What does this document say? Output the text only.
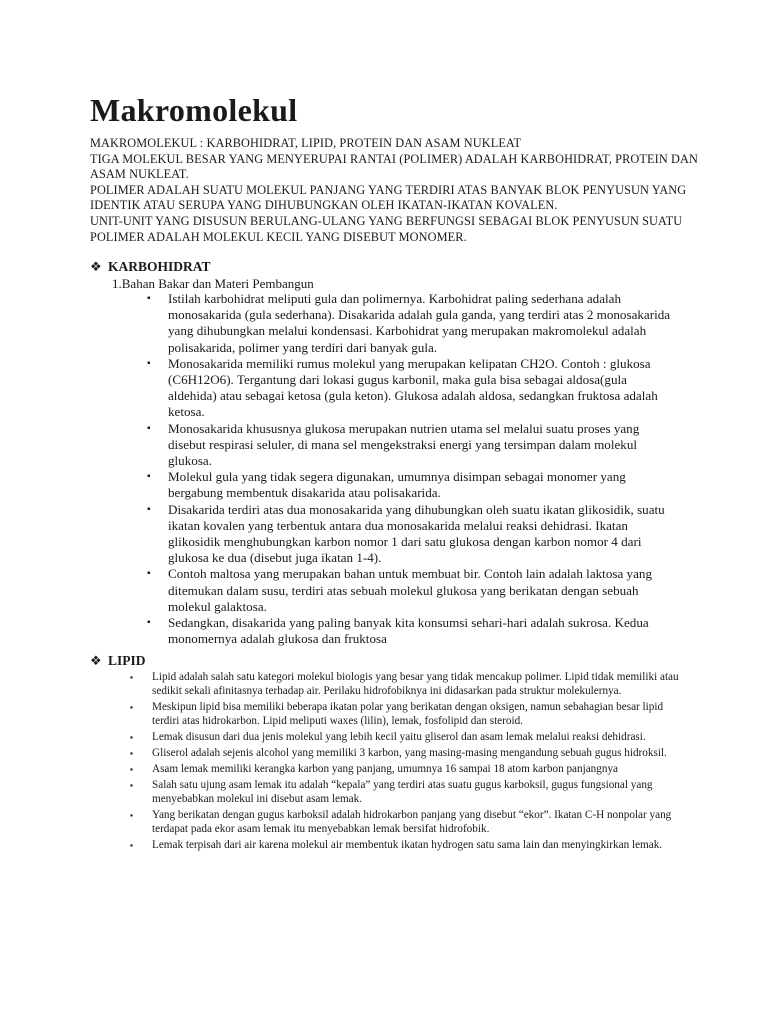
Makromolekul

MAKROMOLEKUL : KARBOHIDRAT, LIPID, PROTEIN DAN ASAM NUKLEAT

TIGA MOLEKUL BESAR YANG MENYERUPAI RANTAI (POLIMER) ADALAH KARBOHIDRAT, PROTEIN DAN ASAM NUKLEAT.

POLIMER ADALAH SUATU MOLEKUL PANJANG YANG TERDIRI ATAS BANYAK BLOK PENYUSUN YANG IDENTIK ATAU SERUPA YANG DIHUBUNGKAN OLEH IKATAN-IKATAN KOVALEN.

UNIT-UNIT YANG DISUSUN BERULANG-ULANG YANG BERFUNGSI SEBAGAI BLOK PENYUSUN SUATU POLIMER ADALAH MOLEKUL KECIL YANG DISEBUT MONOMER.

❖ KARBOHIDRAT

1.Bahan Bakar dan Materi Pembangun

▪ Istilah karbohidrat meliputi gula dan polimernya. Karbohidrat paling sederhana adalah monosakarida (gula sederhana). Disakarida adalah gula ganda, yang terdiri atas 2 monosakarida yang dihubungkan melalui kondensasi. Karbohidrat yang merupakan makromolekul adalah polisakarida, polimer yang terdiri dari banyak gula.
▪ Monosakarida memiliki rumus molekul yang merupakan kelipatan CH2O. Contoh : glukosa (C6H12O6). Tergantung dari lokasi gugus karbonil, maka gula bisa sebagai aldosa(gula aldehida) atau sebagai ketosa (gula keton). Glukosa adalah aldosa, sedangkan fruktosa adalah ketosa.
▪ Monosakarida khususnya glukosa merupakan nutrien utama sel melalui suatu proses yang disebut respirasi seluler, di mana sel mengekstraksi energi yang tersimpan dalam molekul glukosa.
▪ Molekul gula yang tidak segera digunakan, umumnya disimpan sebagai monomer yang bergabung membentuk disakarida atau polisakarida.
▪ Disakarida terdiri atas dua monosakarida yang dihubungkan oleh suatu ikatan glikosidik, suatu ikatan kovalen yang terbentuk antara dua monosakarida melalui reaksi dehidrasi. Ikatan glikosidik menghubungkan karbon nomor 1 dari satu glukosa dengan karbon nomor 4 dari glukosa ke dua (disebut juga ikatan 1-4).
▪ Contoh maltosa yang merupakan bahan untuk membuat bir. Contoh lain adalah laktosa yang ditemukan dalam susu, terdiri atas sebuah molekul glukosa yang berikatan dengan sebuah molekul galaktosa.
▪ Sedangkan, disakarida yang paling banyak kita konsumsi sehari-hari adalah sukrosa. Kedua monomernya adalah glukosa dan fruktosa
❖ LIPID
▪ Lipid adalah salah satu kategori molekul biologis yang besar yang tidak mencakup polimer. Lipid tidak memiliki atau sedikit sekali afinitasnya terhadap air. Perilaku hidrofobiknya ini didasarkan pada struktur molekulernya.
▪ Meskipun lipid bisa memiliki beberapa ikatan polar yang berikatan dengan oksigen, namun sebahagian besar lipid terdiri atas hidrokarbon. Lipid meliputi waxes (lilin), lemak, fosfolipid dan steroid.
▪ Lemak disusun dari dua jenis molekul yang lebih kecil yaitu gliserol dan asam lemak melalui reaksi dehidrasi.
▪ Gliserol adalah sejenis alcohol yang memiliki 3 karbon, yang masing-masing mengandung sebuah gugus hidroksil.
▪ Asam lemak memiliki kerangka karbon yang panjang, umumnya 16 sampai 18 atom karbon panjangnya
▪ Salah satu ujung asam lemak itu adalah “kepala” yang terdiri atas suatu gugus karboksil, gugus fungsional yang menyebabkan molekul ini disebut asam lemak.
▪ Yang berikatan dengan gugus karboksil adalah hidrokarbon panjang yang disebut “ekor”. Ikatan C-H nonpolar yang terdapat pada ekor asam lemak itu menyebabkan lemak bersifat hidrofobik.
▪ Lemak terpisah dari air karena molekul air membentuk ikatan hydrogen satu sama lain dan menyingkirkan lemak.
